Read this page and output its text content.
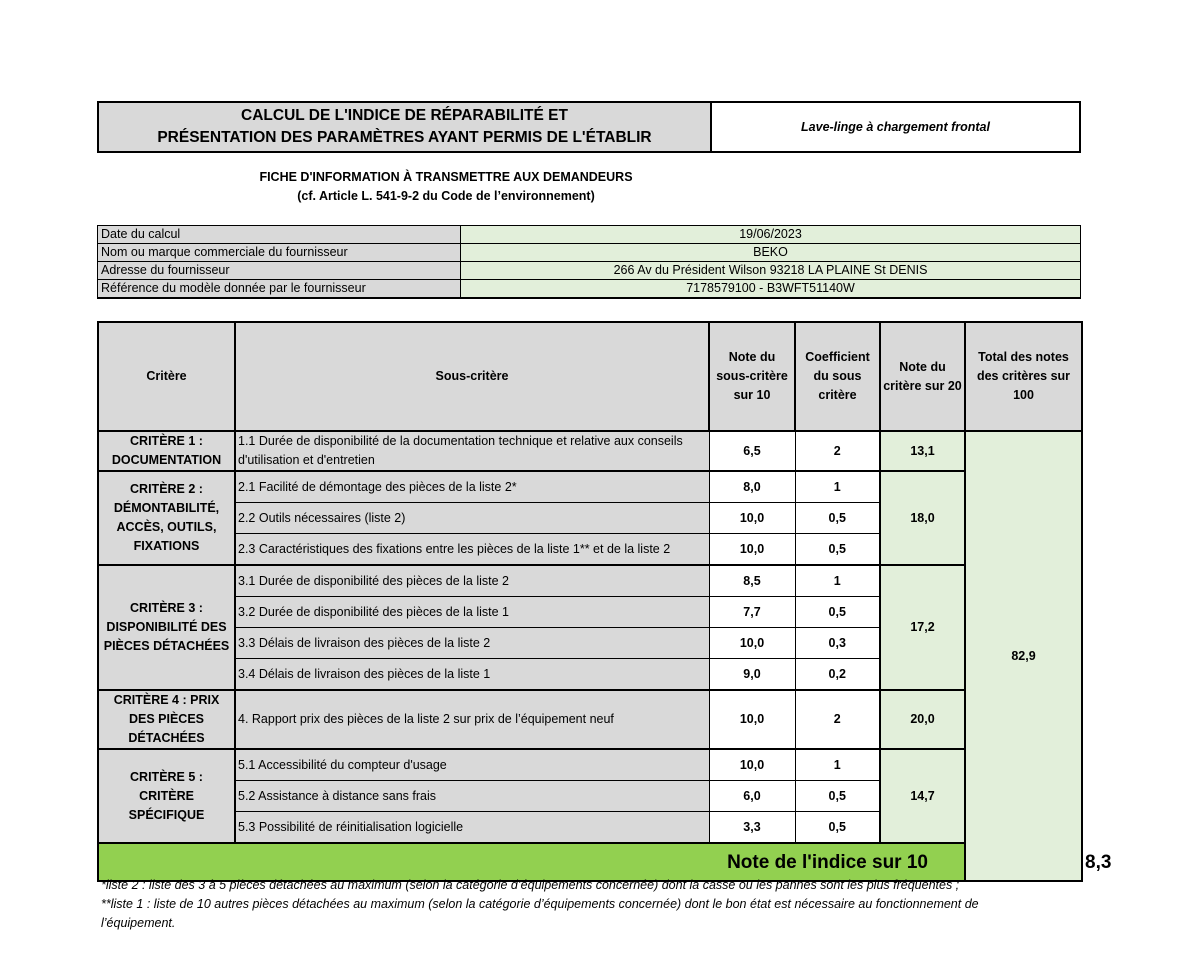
CALCUL DE L'INDICE DE RÉPARABILITÉ ET
PRÉSENTATION DES PARAMÈTRES AYANT PERMIS DE L'ÉTABLIR
Lave-linge à chargement frontal
FICHE D'INFORMATION À TRANSMETTRE AUX DEMANDEURS
(cf. Article L. 541-9-2 du Code de l’environnement)
Date du calcul	19/06/2023
Nom ou marque commerciale du fournisseur	BEKO
Adresse du fournisseur	266 Av du Président Wilson 93218 LA PLAINE St DENIS
Référence du modèle donnée par le fournisseur	7178579100 - B3WFT51140W
Critère	Sous-critère	Note du sous-critère sur 10	Coefficient du sous critère	Note du critère sur 20	Total des notes des critères sur 100	
CRITÈRE 1 : DOCUMENTATION	1.1 Durée de disponibilité de la documentation technique et relative aux conseils d'utilisation et d'entretien	6,5	2	13,1	82,9	
CRITÈRE 2 : DÉMONTABILITÉ, ACCÈS, OUTILS, FIXATIONS	2.1 Facilité de démontage des pièces de la liste 2*	8,0	1	18,0		
	2.2 Outils nécessaires (liste 2)	10,0	0,5			
	2.3 Caractéristiques des fixations entre les pièces de la liste 1** et de la liste 2	10,0	0,5			
CRITÈRE 3 : DISPONIBILITÉ DES PIÈCES DÉTACHÉES	3.1 Durée de disponibilité des pièces de la liste 2	8,5	1	17,2		
	3.2 Durée de disponibilité des pièces de la liste 1	7,7	0,5			
	3.3 Délais de livraison des pièces de la liste 2	10,0	0,3			
	3.4 Délais de livraison des pièces de la liste 1	9,0	0,2			
CRITÈRE 4 : PRIX DES PIÈCES DÉTACHÉES	4. Rapport prix des pièces de la liste 2 sur prix de l’équipement neuf	10,0	2	20,0		
CRITÈRE 5 : CRITÈRE SPÉCIFIQUE	5.1 Accessibilité du compteur d'usage	10,0	1	14,7		
	5.2 Assistance à distance sans frais	6,0	0,5			
	5.3 Possibilité de réinitialisation logicielle	3,3	0,5			
Note de l'indice sur 10						8,3
*liste 2 : liste des 3 à 5 pièces détachées au maximum (selon la catégorie d’équipements concernée) dont la casse ou les pannes sont les plus fréquentes ;
**liste 1 : liste de 10 autres pièces détachées au maximum (selon la catégorie d’équipements concernée) dont le bon état est nécessaire au fonctionnement de l’équipement.
